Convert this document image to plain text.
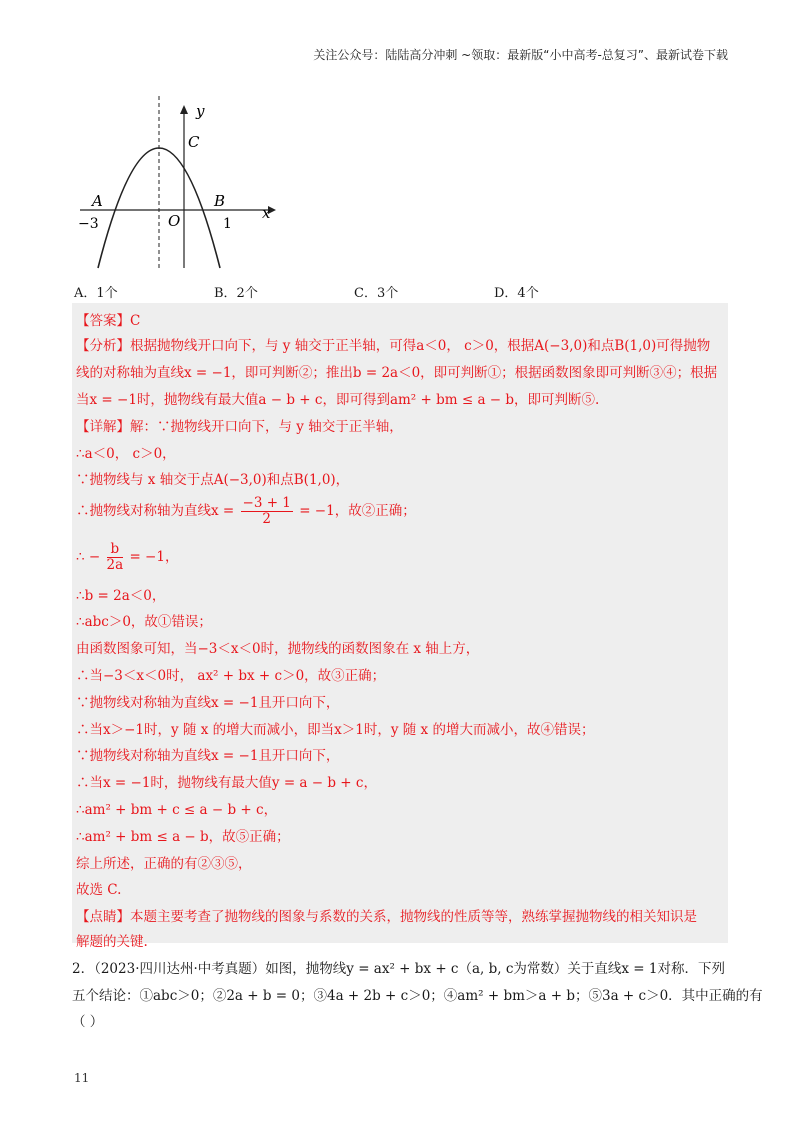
关注公众号：陆陆高分冲刺 ~领取：最新版“小中高考-总复习”、最新试卷下载
y
x
C
A	B
O
−3	1
A．1个	B．2个	C．3个	D．4个
【答案】C
【分析】根据抛物线开口向下，与 y 轴交于正半轴，可得a＜0， c＞0，根据A(−3,0)和点B(1,0)可得抛物
线的对称轴为直线x = −1，即可判断②；推出b = 2a＜0，即可判断①；根据函数图象即可判断③④；根据
当x = −1时，抛物线有最大值a − b + c，即可得到am² + bm ≤ a − b，即可判断⑤.
【详解】解：∵抛物线开口向下，与 y 轴交于正半轴，
∴a＜0， c＞0，
∵抛物线与 x 轴交于点A(−3,0)和点B(1,0)，
∴抛物线对称轴为直线$x = \frac{-3 + 1}{2} = -1$，故②正确；
∴ − $\frac{b}{2a} = -1$，
∴b = 2a＜0，
∴abc＞0，故①错误；
由函数图象可知，当−3＜x＜0时，抛物线的函数图象在 x 轴上方，
∴当−3＜x＜0时， ax² + bx + c＞0，故③正确；
∵抛物线对称轴为直线x = −1且开口向下，
∴当x＞−1时，y 随 x 的增大而减小，即当x＞1时，y 随 x 的增大而减小，故④错误；
∵抛物线对称轴为直线x = −1且开口向下，
∴当x = −1时，抛物线有最大值y = a − b + c，
∴am² + bm + c ≤ a − b + c，
∴am² + bm ≤ a − b，故⑤正确；
综上所述，正确的有②③⑤，
故选 C.
【点睛】本题主要考查了抛物线的图象与系数的关系，抛物线的性质等等，熟练掌握抛物线的相关知识是
解题的关键.
2．（2023·四川达州·中考真题）如图，抛物线y = ax² + bx + c（a, b, c为常数）关于直线x = 1对称．下列
五个结论：①abc＞0；②2a + b = 0；③4a + 2b + c＞0；④am² + bm＞a + b；⑤3a + c＞0．其中正确的有
（ ）
11
